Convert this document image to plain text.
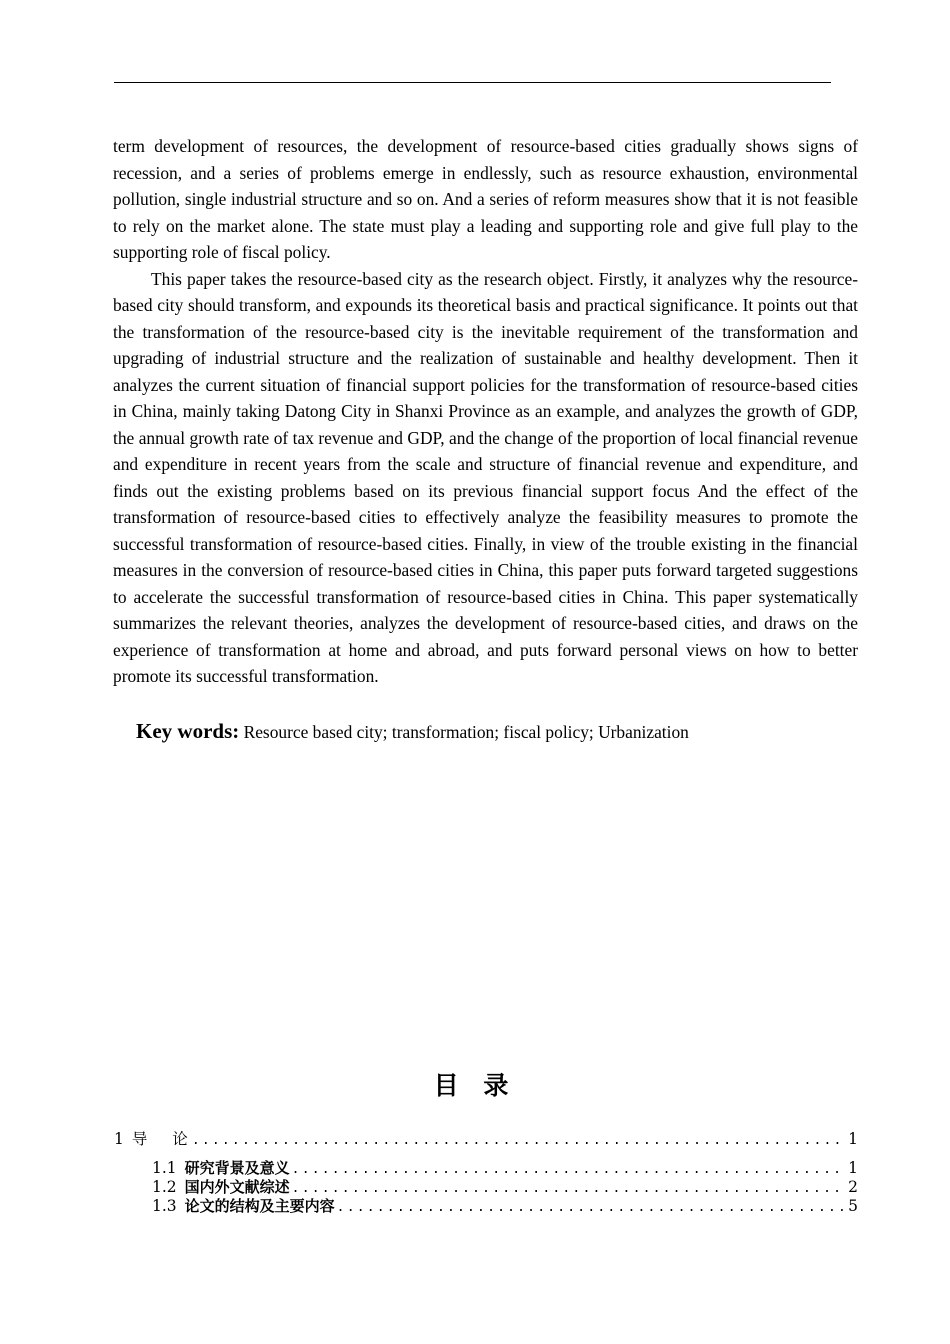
term development of resources, the development of resource-based cities gradually shows signs of recession, and a series of problems emerge in endlessly, such as resource exhaustion, environmental pollution, single industrial structure and so on. And a series of reform measures show that it is not feasible to rely on the market alone. The state must play a leading and supporting role and give full play to the supporting role of fiscal policy.

This paper takes the resource-based city as the research object. Firstly, it analyzes why the resource-based city should transform, and expounds its theoretical basis and practical significance. It points out that the transformation of the resource-based city is the inevitable requirement of the transformation and upgrading of industrial structure and the realization of sustainable and healthy development. Then it analyzes the current situation of financial support policies for the transformation of resource-based cities in China, mainly taking Datong City in Shanxi Province as an example, and analyzes the growth of GDP, the annual growth rate of tax revenue and GDP, and the change of the proportion of local financial revenue and expenditure in recent years from the scale and structure of financial revenue and expenditure, and finds out the existing problems based on its previous financial support focus And the effect of the transformation of resource-based cities to effectively analyze the feasibility measures to promote the successful transformation of resource-based cities. Finally, in view of the trouble existing in the financial measures in the conversion of resource-based cities in China, this paper puts forward targeted suggestions to accelerate the successful transformation of resource-based cities in China. This paper systematically summarizes the relevant theories, analyzes the development of resource-based cities, and draws on the experience of transformation at home and abroad, and puts forward personal views on how to better promote its successful transformation.

Key words: Resource based city; transformation; fiscal policy; Urbanization
目 录
1 导 论 .....	1
1.1 研究背景及意义 .....	1
1.2 国内外文献综述 .....	2
1.3 论文的结构及主要内容 .....	5
